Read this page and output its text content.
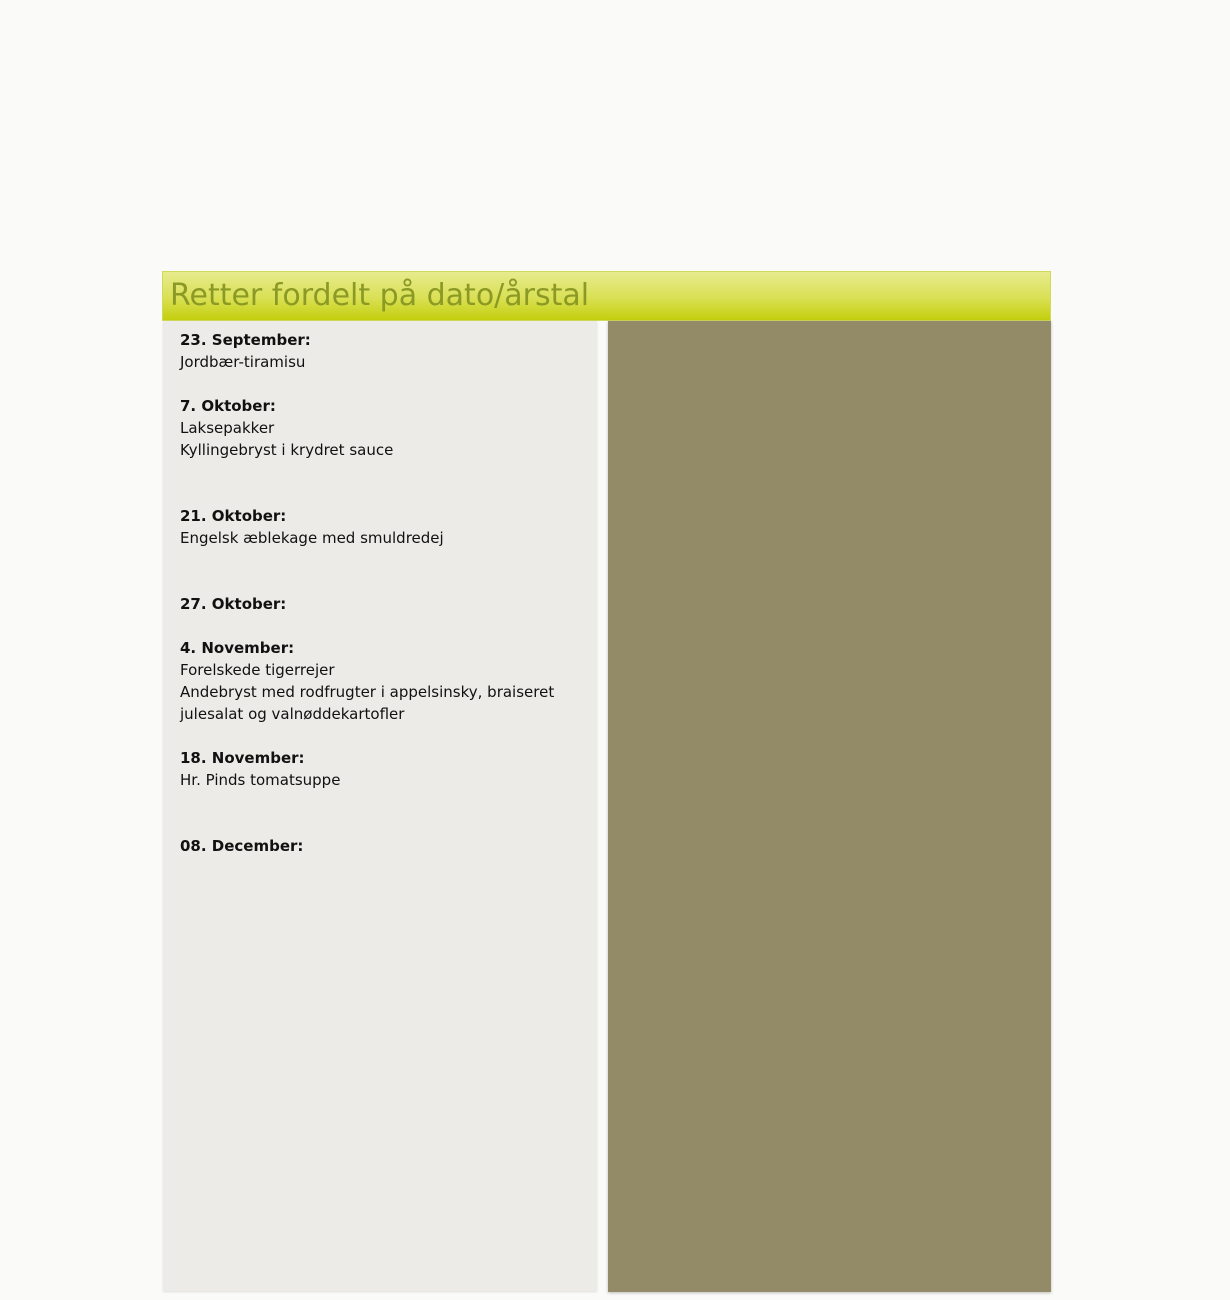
Retter fordelt på dato/årstal

23. September:

Jordbær-tiramisu

7. Oktober:

Laksepakker

Kyllingebryst i krydret sauce

21. Oktober:

Engelsk æblekage med smuldredej

27. Oktober:

4. November:

Forelskede tigerrejer

Andebryst med rodfrugter i appelsinsky, braiseret julesalat og valnøddekartofler

18. November:

Hr. Pinds tomatsuppe

08. December:
